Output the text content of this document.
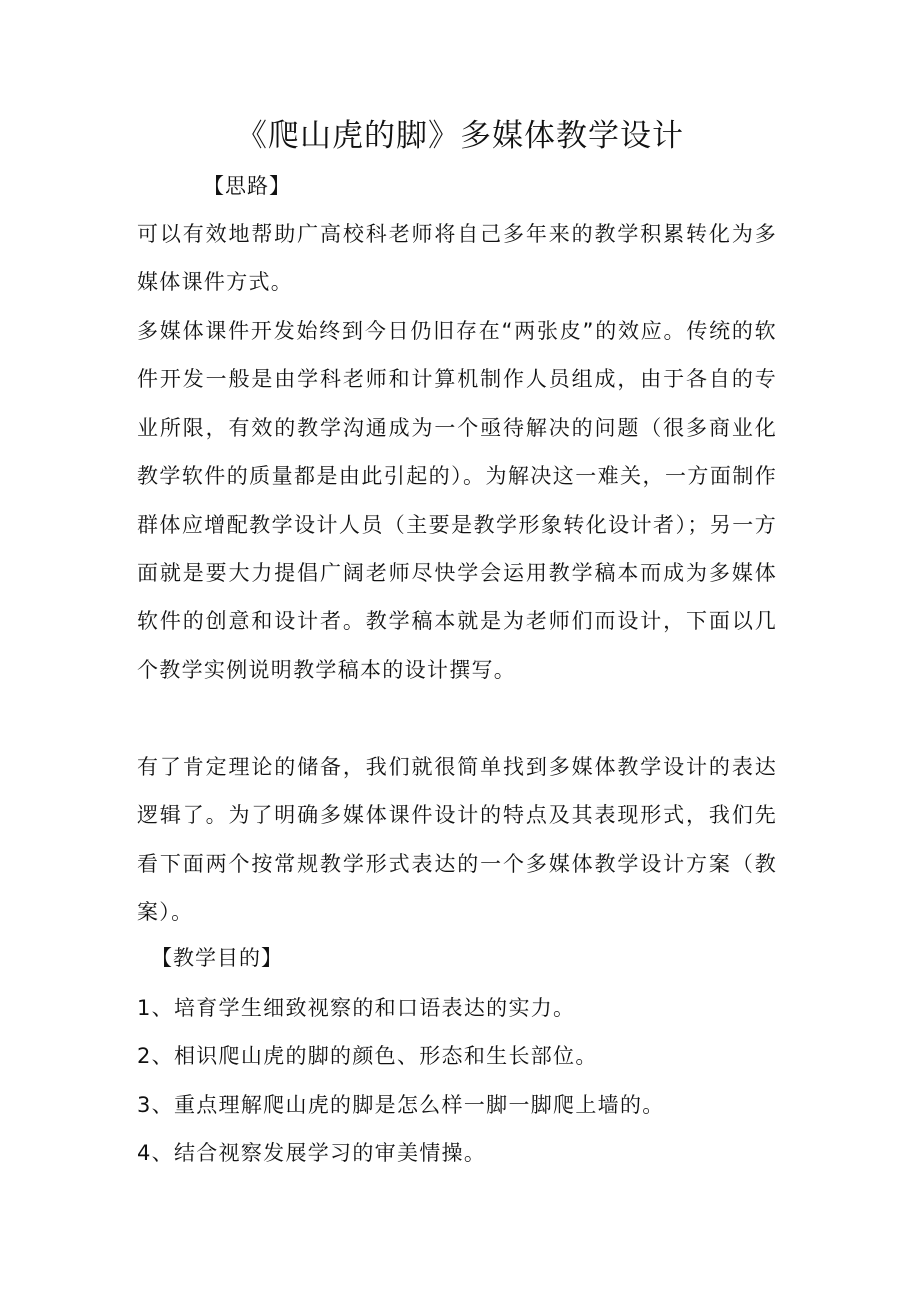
《爬山虎的脚》多媒体教学设计
【思路】

可以有效地帮助广高校科老师将自己多年来的教学积累转化为多媒体课件方式。

多媒体课件开发始终到今日仍旧存在“两张皮”的效应。传统的软件开发一般是由学科老师和计算机制作人员组成，由于各自的专业所限，有效的教学沟通成为一个亟待解决的问题（很多商业化教学软件的质量都是由此引起的）。为解决这一难关，一方面制作群体应增配教学设计人员（主要是教学形象转化设计者）；另一方面就是要大力提倡广阔老师尽快学会运用教学稿本而成为多媒体软件的创意和设计者。教学稿本就是为老师们而设计，下面以几个教学实例说明教学稿本的设计撰写。

有了肯定理论的储备，我们就很简单找到多媒体教学设计的表达逻辑了。为了明确多媒体课件设计的特点及其表现形式，我们先看下面两个按常规教学形式表达的一个多媒体教学设计方案（教案）。

【教学目的】

1、培育学生细致视察的和口语表达的实力。

2、相识爬山虎的脚的颜色、形态和生长部位。

3、重点理解爬山虎的脚是怎么样一脚一脚爬上墙的。

4、结合视察发展学习的审美情操。
